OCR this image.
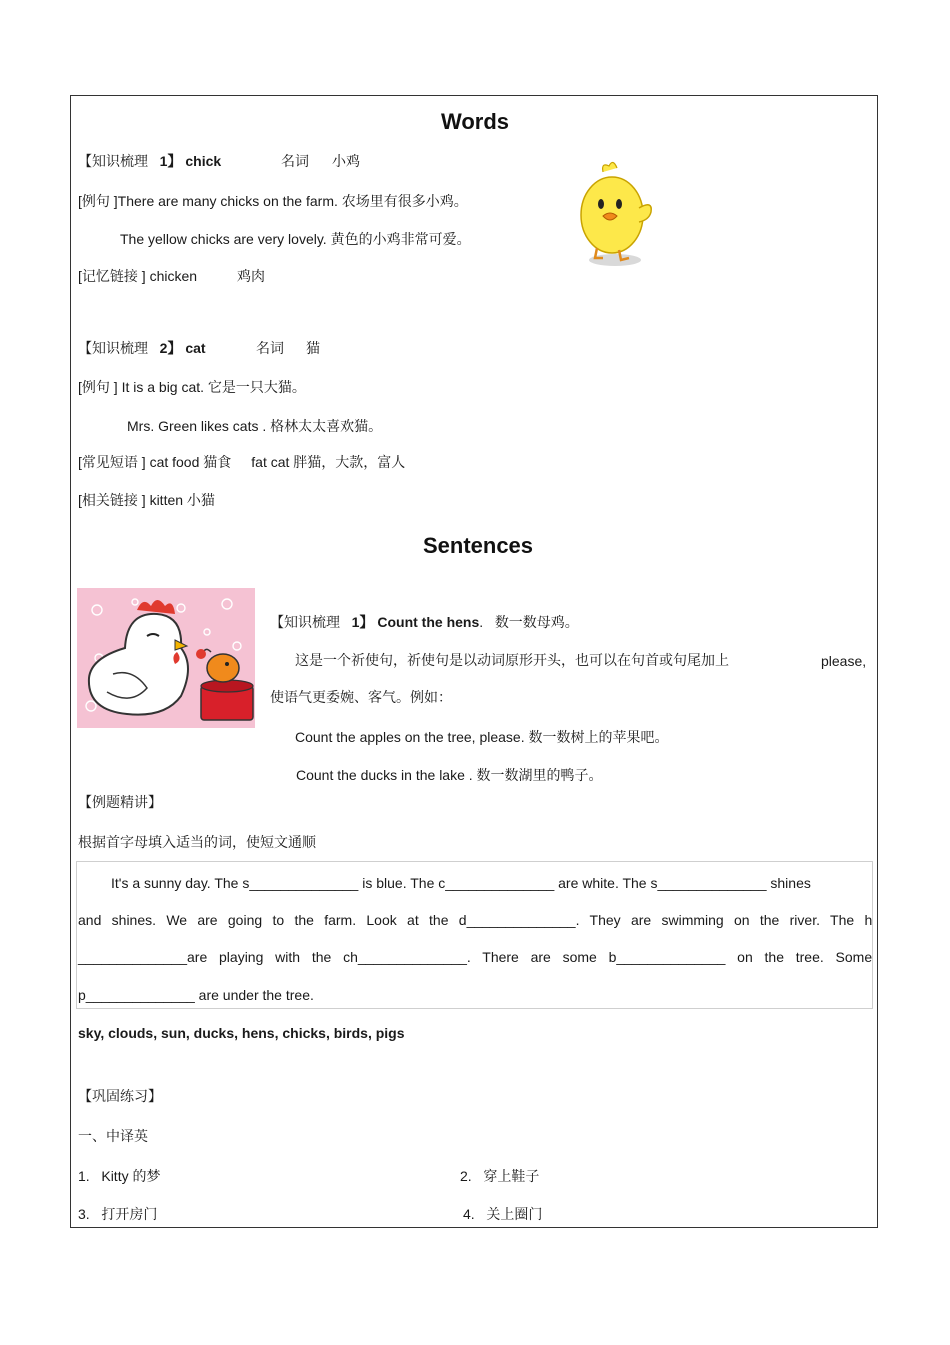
Words
【知识梳理 1】 chick	名词 小鸡
[例句 ]There are many chicks on the farm. 农场里有很多小鸡。
The yellow chicks are very lovely. 黄色的小鸡非常可爱。
[记忆链接 ] chicken	鸡肉
【知识梳理 2】 cat	名词 猫
[例句 ] It is a big cat. 它是一只大猫。
Mrs. Green likes cats . 格林太太喜欢猫。
[常见短语 ] cat food 猫食 fat cat 胖猫，大款，富人
[相关链接 ] kitten 小猫
Sentences
【知识梳理 1】 Count the hens. 数一数母鸡。
这是一个祈使句，祈使句是以动词原形开头，也可以在句首或句尾加上	please,
使语气更委婉、客气。例如：
Count the apples on the tree, please. 数一数树上的苹果吧。
Count the ducks in the lake . 数一数湖里的鸭子。
【例题精讲】
根据首字母填入适当的词，使短文通顺
It's a sunny day. The s______________ is blue. The c______________ are white. The s______________ shines
and shines. We are going to the farm. Look at the d______________. They are swimming on the river. The h
______________are playing with the ch______________. There are some b______________ on the tree. Some
p______________ are under the tree.
sky, clouds, sun, ducks, hens, chicks, birds, pigs
【巩固练习】
一、中译英
1. Kitty 的梦	2. 穿上鞋子
3. 打开房门	4. 关上圈门
